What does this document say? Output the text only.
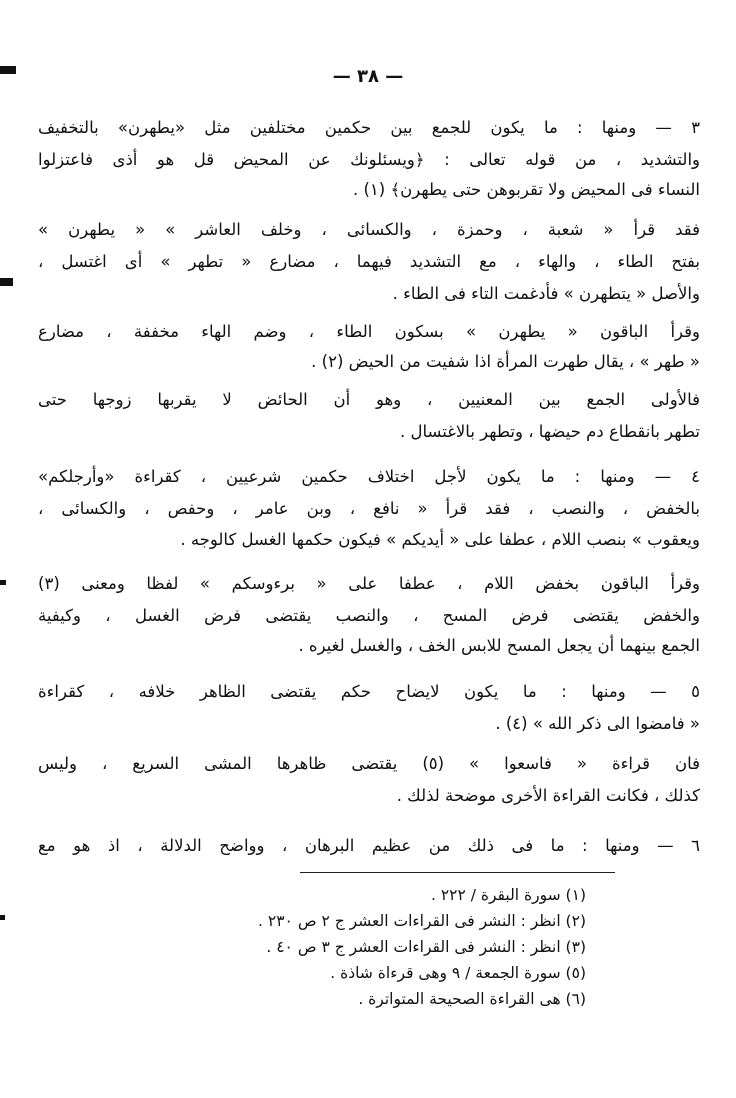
— ٣٨ —
٣ — ومنها : ما يكون للجمع بين حكمين مختلفين مثل «يطهرن» بالتخفيف
والتشديد ، من قوله تعالى : ﴿ويسئلونك عن المحيض قل هو أذى فاعتزلوا
النساء فى المحيض ولا تقربوهن حتى يطهرن﴾ (١) .
فقد قرأ « شعبة ، وحمزة ، والكسائى ، وخلف العاشر » « يطهرن »
بفتح الطاء ، والهاء ، مع التشديد فيهما ، مضارع « تطهر » أى اغتسل ،
والأصل « يتطهرن » فأدغمت التاء فى الطاء .
وقرأ الباقون « يطهرن » بسكون الطاء ، وضم الهاء مخففة ، مضارع
« طهر » ، يقال طهرت المرأة اذا شفيت من الحيض (٢) .
فالأولى الجمع بين المعنيين ، وهو أن الحائض لا يقربها زوجها حتى
تطهر بانقطاع دم حيضها ، وتطهر بالاغتسال .
٤ — ومنها : ما يكون لأجل اختلاف حكمين شرعيين ، كقراءة «وأرجلكم»
بالخفض ، والنصب ، فقد قرأ « نافع ، وبن عامر ، وحفص ، والكسائى ،
ويعقوب » بنصب اللام ، عطفا على « أيديكم » فيكون حكمها الغسل كالوجه .
وقرأ الباقون بخفض اللام ، عطفا على « برءوسكم » لفظا ومعنى (٣)
والخفض يقتضى فرض المسح ، والنصب يقتضى فرض الغسل ، وكيفية
الجمع بينهما أن يجعل المسح للابس الخف ، والغسل لغيره .
٥ — ومنها : ما يكون لايضاح حكم يقتضى الظاهر خلافه ، كقراءة
« فامضوا الى ذكر الله » (٤) .
فان قراءة « فاسعوا » (٥) يقتضى ظاهرها المشى السريع ، وليس
كذلك ، فكانت القراءة الأخرى موضحة لذلك .
٦ — ومنها : ما فى ذلك من عظيم البرهان ، وواضح الدلالة ، اذ هو مع
(١) سورة البقرة / ٢٢٢ .
(٢) انظر : النشر فى القراءات العشر ج ٢ ص ٢٣٠ .
(٣) انظر : النشر فى القراءات العشر ج ٣ ص ٤٠ .
(٥) سورة الجمعة / ٩ وهى قرءاة شاذة .
(٦) هى القراءة الصحيحة المتواترة .
